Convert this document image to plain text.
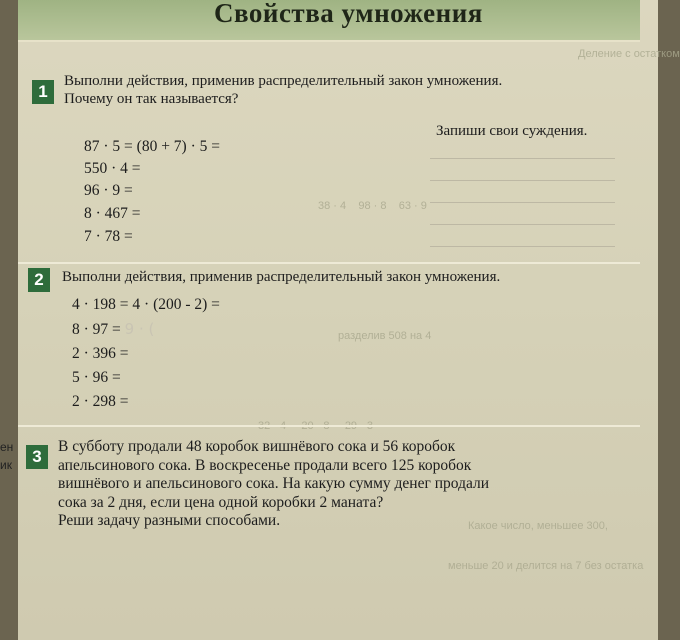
Свойства умножения
Деление с остатком
38 · 4    98 · 8    63 · 9
разделив 508 на 4
1
Выполни действия, применив распределительный закон умножения.
Почему он так называется?
Запиши свои суждения.
87 · 5 = (80 + 7) · 5 =
550 · 4 =
96 · 9 =
8 · 467 =
7 · 78 =
2	Выполни действия, применив распределительный закон умножения.
4 · 198 = 4 · (200 - 2) =
8 · 97 = 9 · (
2 · 396 =
5 · 96 =
2 · 298 =
3
В субботу продали 48 коробок вишнёвого сока и 56 коробок
апельсинового сока. В воскресенье продали всего 125 коробок
вишнёвого и апельсинового сока. На какую сумму денег продали
сока за 2 дня, если цена одной коробки 2 маната?
Реши задачу разными способами.	Какое число, меньшее 300,
меньше 20 и делится на 7 без остатка
ен
ик
